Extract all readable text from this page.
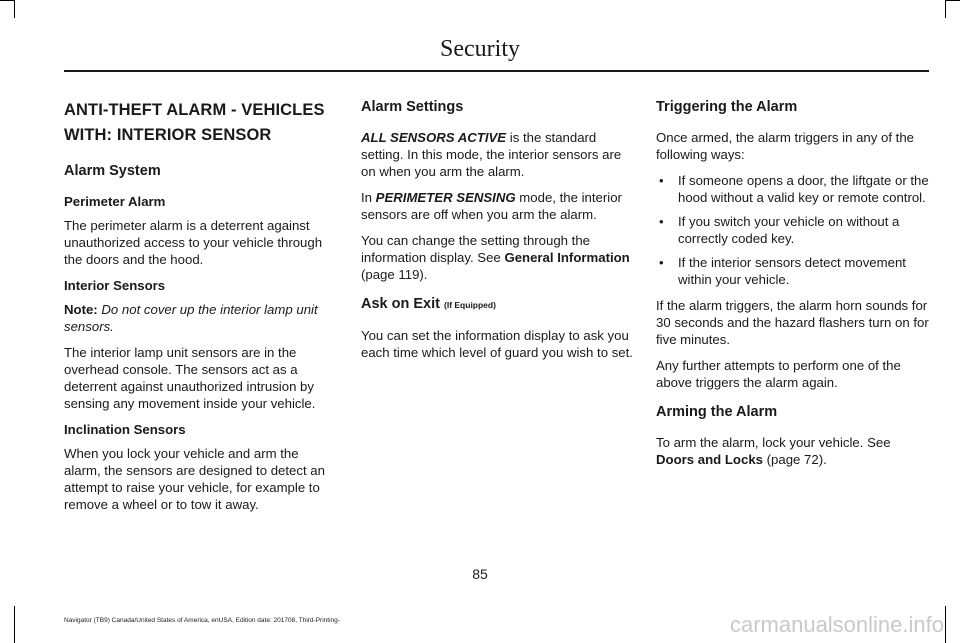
Security
ANTI-THEFT ALARM - VEHICLES
WITH: INTERIOR SENSOR
Alarm System
Perimeter Alarm

The perimeter alarm is a deterrent against unauthorized access to your vehicle through the doors and the hood.

Interior Sensors

Note: Do not cover up the interior lamp unit sensors.

The interior lamp unit sensors are in the overhead console. The sensors act as a deterrent against unauthorized intrusion by sensing any movement inside your vehicle.

Inclination Sensors

When you lock your vehicle and arm the alarm, the sensors are designed to detect an attempt to raise your vehicle, for example to remove a wheel or to tow it away.

Alarm Settings

ALL SENSORS ACTIVE is the standard setting. In this mode, the interior sensors are on when you arm the alarm.

In PERIMETER SENSING mode, the interior sensors are off when you arm the alarm.

You can change the setting through the information display. See General Information (page 119).

Ask on Exit (If Equipped)

You can set the information display to ask you each time which level of guard you wish to set.

Triggering the Alarm

Once armed, the alarm triggers in any of the following ways:

• If someone opens a door, the liftgate or the hood without a valid key or remote control.
• If you switch your vehicle on without a correctly coded key.
• If the interior sensors detect movement within your vehicle.

If the alarm triggers, the alarm horn sounds for 30 seconds and the hazard flashers turn on for five minutes.

Any further attempts to perform one of the above triggers the alarm again.

Arming the Alarm

To arm the alarm, lock your vehicle. See Doors and Locks (page 72).

85
Navigator (TB9) Canada/United States of America, enUSA, Edition date: 201708, Third-Printing-	carmanualsonline.info
